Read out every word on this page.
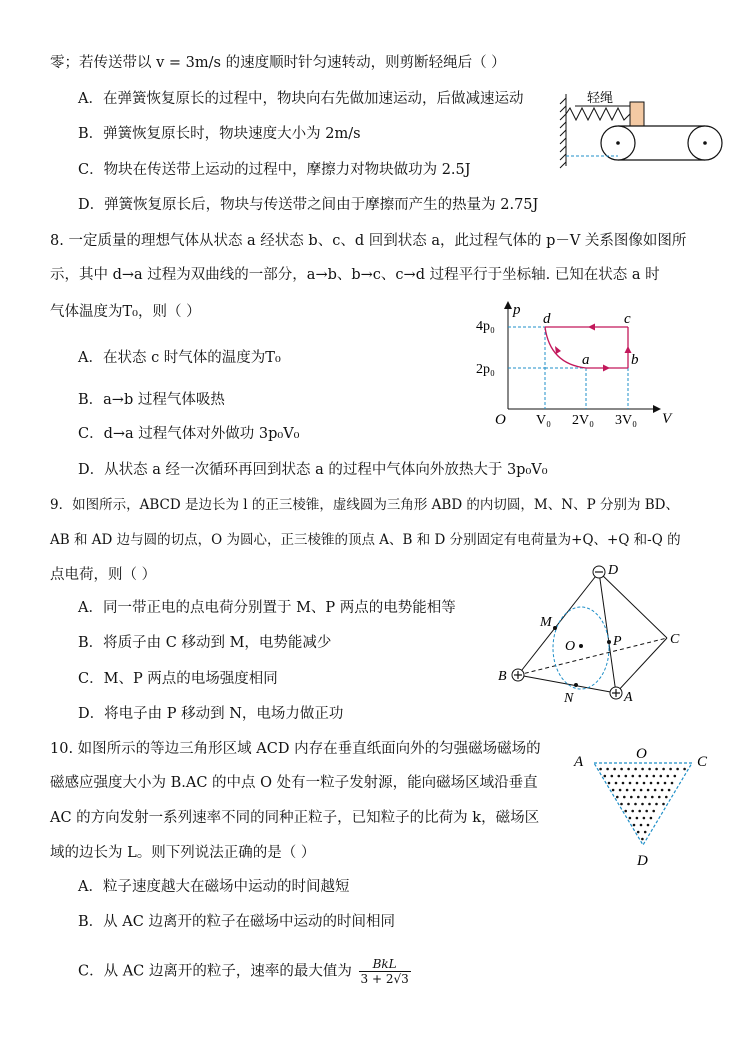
零；若传送带以 v = 3m/s 的速度顺时针匀速转动，则剪断轻绳后（ ）
A．在弹簧恢复原长的过程中，物块向右先做加速运动，后做减速运动
B．弹簧恢复原长时，物块速度大小为 2m/s
C．物块在传送带上运动的过程中，摩擦力对物块做功为 2.5J
D．弹簧恢复原长后，物块与传送带之间由于摩擦而产生的热量为 2.75J
轻绳
8. 一定质量的理想气体从状态 a 经状态 b、c、d 回到状态 a，此过程气体的 p－V 关系图像如图所
示，其中 d→a 过程为双曲线的一部分，a→b、b→c、c→d 过程平行于坐标轴. 已知在状态 a 时
气体温度为T₀，则（ ）
A．在状态 c 时气体的温度为T₀
B．a→b 过程气体吸热
C．d→a 过程气体对外做功 3p₀V₀
D．从状态 a 经一次循环再回到状态 a 的过程中气体向外放热大于 3p₀V₀
p
V
O
4p₀
2p₀
V₀ 2V₀ 3V₀
d	c
a	b
9．如图所示，ABCD 是边长为 l 的正三棱锥，虚线圆为三角形 ABD 的内切圆，M、N、P 分别为 BD、
AB 和 AD 边与圆的切点，O 为圆心，正三棱锥的顶点 A、B 和 D 分别固定有电荷量为+Q、+Q 和-Q 的
点电荷，则（ ）
A．同一带正电的点电荷分别置于 M、P 两点的电势能相等
B．将质子由 C 移动到 M，电势能减少
C．M、P 两点的电场强度相同
D．将电子由 P 移动到 N，电场力做正功
D
M
O	P	C
B
N	A
10. 如图所示的等边三角形区域 ACD 内存在垂直纸面向外的匀强磁场磁场的
磁感应强度大小为 B.AC 的中点 O 处有一粒子发射源，能向磁场区域沿垂直
AC 的方向发射一系列速率不同的同种正粒子，已知粒子的比荷为 k，磁场区
域的边长为 L。则下列说法正确的是（ ）
A．粒子速度越大在磁场中运动的时间越短
B．从 AC 边离开的粒子在磁场中运动的时间相同
C．从 AC 边离开的粒子，速率的最大值为 $\frac{\text{BkL}}{3 + 2√3}$
A	O	C
D
